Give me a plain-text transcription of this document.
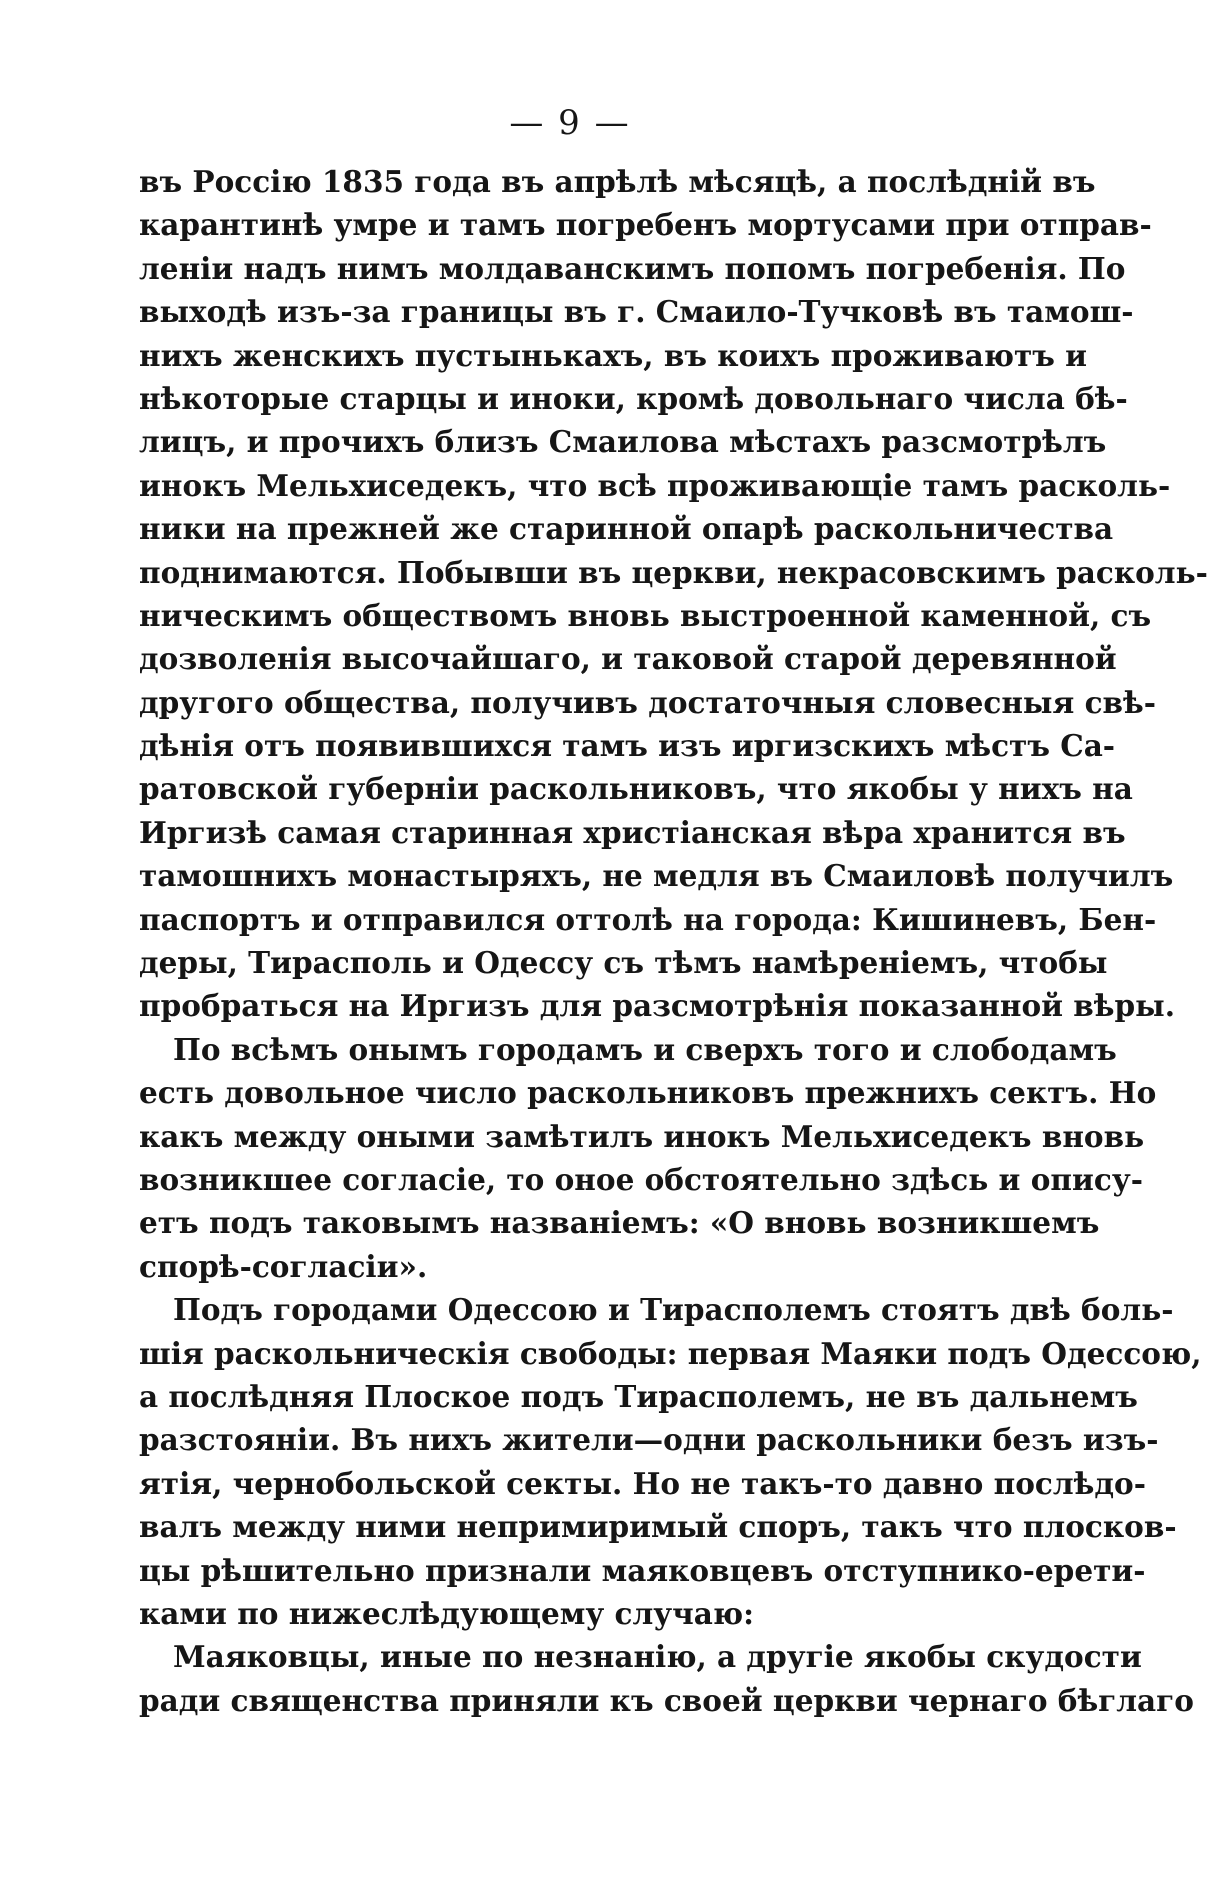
— 9 —
въ Россію 1835 года въ апрѣлѣ мѣсяцѣ, а послѣдній въ
карантинѣ умре и тамъ погребенъ мортусами при отправ-
леніи надъ нимъ молдаванскимъ попомъ погребенія. По
выходѣ изъ-за границы въ г. Смаило-Тучковѣ въ тамош-
нихъ женскихъ пустынькахъ, въ коихъ проживаютъ и
нѣкоторые старцы и иноки, кромѣ довольнаго числа бѣ-
лицъ, и прочихъ близъ Смаилова мѣстахъ разсмотрѣлъ
инокъ Мельхиседекъ, что всѣ проживающіе тамъ расколь-
ники на прежней же старинной опарѣ раскольничества
поднимаются. Побывши въ церкви, некрасовскимъ расколь-
ническимъ обществомъ вновь выстроенной каменной, съ
дозволенія высочайшаго, и таковой старой деревянной
другого общества, получивъ достаточныя словесныя свѣ-
дѣнія отъ появившихся тамъ изъ иргизскихъ мѣстъ Са-
ратовской губерніи раскольниковъ, что якобы у нихъ на
Иргизѣ самая старинная христіанская вѣра хранится въ
тамошнихъ монастыряхъ, не медля въ Смаиловѣ получилъ
паспортъ и отправился оттолѣ на города: Кишиневъ, Бен-
деры, Тирасполь и Одессу съ тѣмъ намѣреніемъ, чтобы
пробраться на Иргизъ для разсмотрѣнія показанной вѣры.
По всѣмъ онымъ городамъ и сверхъ того и слободамъ
есть довольное число раскольниковъ прежнихъ сектъ. Но
какъ между оными замѣтилъ инокъ Мельхиседекъ вновь
возникшее согласіе, то оное обстоятельно здѣсь и опису-
етъ подъ таковымъ названіемъ: «О вновь возникшемъ
спорѣ-согласіи».
Подъ городами Одессою и Тирасполемъ стоятъ двѣ боль-
шія раскольническія свободы: первая Маяки подъ Одессою,
а послѣдняя Плоское подъ Тирасполемъ, не въ дальнемъ
разстояніи. Въ нихъ жители—одни раскольники безъ изъ-
ятія, чернобольской секты. Но не такъ-то давно послѣдо-
валъ между ними непримиримый споръ, такъ что плосков-
цы рѣшительно признали маяковцевъ отступнико-ерети-
ками по нижеслѣдующему случаю:
Маяковцы, иные по незнанію, а другіе якобы скудости
ради священства приняли къ своей церкви чернаго бѣглаго
